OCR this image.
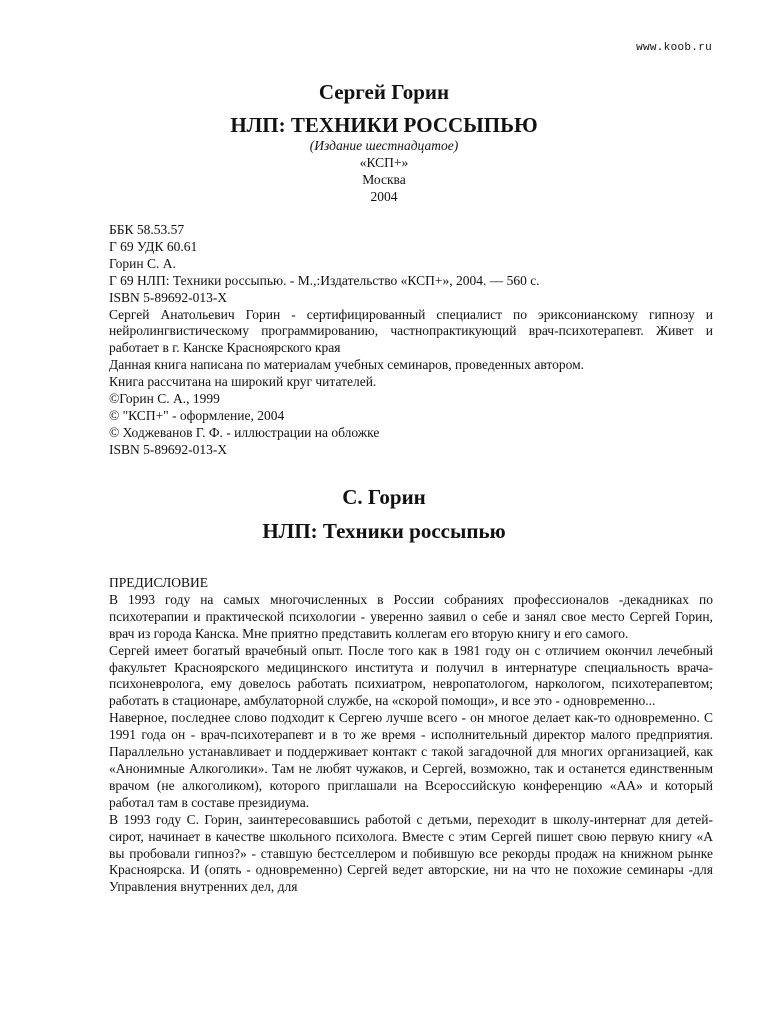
www.koob.ru
Сергей Горин
НЛП: ТЕХНИКИ РОССЫПЬЮ
(Издание шестнадцатое)
«КСП+»
Москва
2004
ББК 58.53.57
Г 69 УДК 60.61
Горин С. А.
Г 69 НЛП: Техники россыпью. - М.,:Издательство «КСП+», 2004. — 560 с.
ISBN 5-89692-013-X
Сергей Анатольевич Горин - сертифицированный специалист по эриксонианскому гипнозу и нейролингвистическому программированию, частнопрактикующий врач-психотерапевт. Живет и работает в г. Канске Красноярского края
Данная книга написана по материалам учебных семинаров, проведенных автором.
Книга рассчитана на широкий круг читателей.
©Горин С. А., 1999
© "КСП+" - оформление, 2004
© Ходжеванов Г. Ф. - иллюстрации на обложке
ISBN 5-89692-013-X
С. Горин
НЛП: Техники россыпью

ПРЕДИСЛОВИЕ

В 1993 году на самых многочисленных в России собраниях профессионалов -декадниках по психотерапии и практической психологии - уверенно заявил о себе и занял свое место Сергей Горин, врач из города Канска. Мне приятно представить коллегам его вторую книгу и его самого.

Сергей имеет богатый врачебный опыт. После того как в 1981 году он с отличием окончил лечебный факультет Красноярского медицинского института и получил в интернатуре специальность врача-психоневролога, ему довелось работать психиатром, невропатологом, наркологом, психотерапевтом; работать в стационаре, амбулаторной службе, на «скорой помощи», и все это - одновременно...

Наверное, последнее слово подходит к Сергею лучше всего - он многое делает как-то одновременно. С 1991 года он - врач-психотерапевт и в то же время - исполнительный директор малого предприятия. Параллельно устанавливает и поддерживает контакт с такой загадочной для многих организацией, как «Анонимные Алкоголики». Там не любят чужаков, и Сергей, возможно, так и останется единственным врачом (не алкоголиком), которого приглашали на Всероссийскую конференцию «АА» и который работал там в составе президиума.

В 1993 году С. Горин, заинтересовавшись работой с детьми, переходит в школу-интернат для детей-сирот, начинает в качестве школьного психолога. Вместе с этим Сергей пишет свою первую книгу «А вы пробовали гипноз?» - ставшую бестселлером и побившую все рекорды продаж на книжном рынке Красноярска. И (опять - одновременно) Сергей ведет авторские, ни на что не похожие семинары -для Управления внутренних дел, для
